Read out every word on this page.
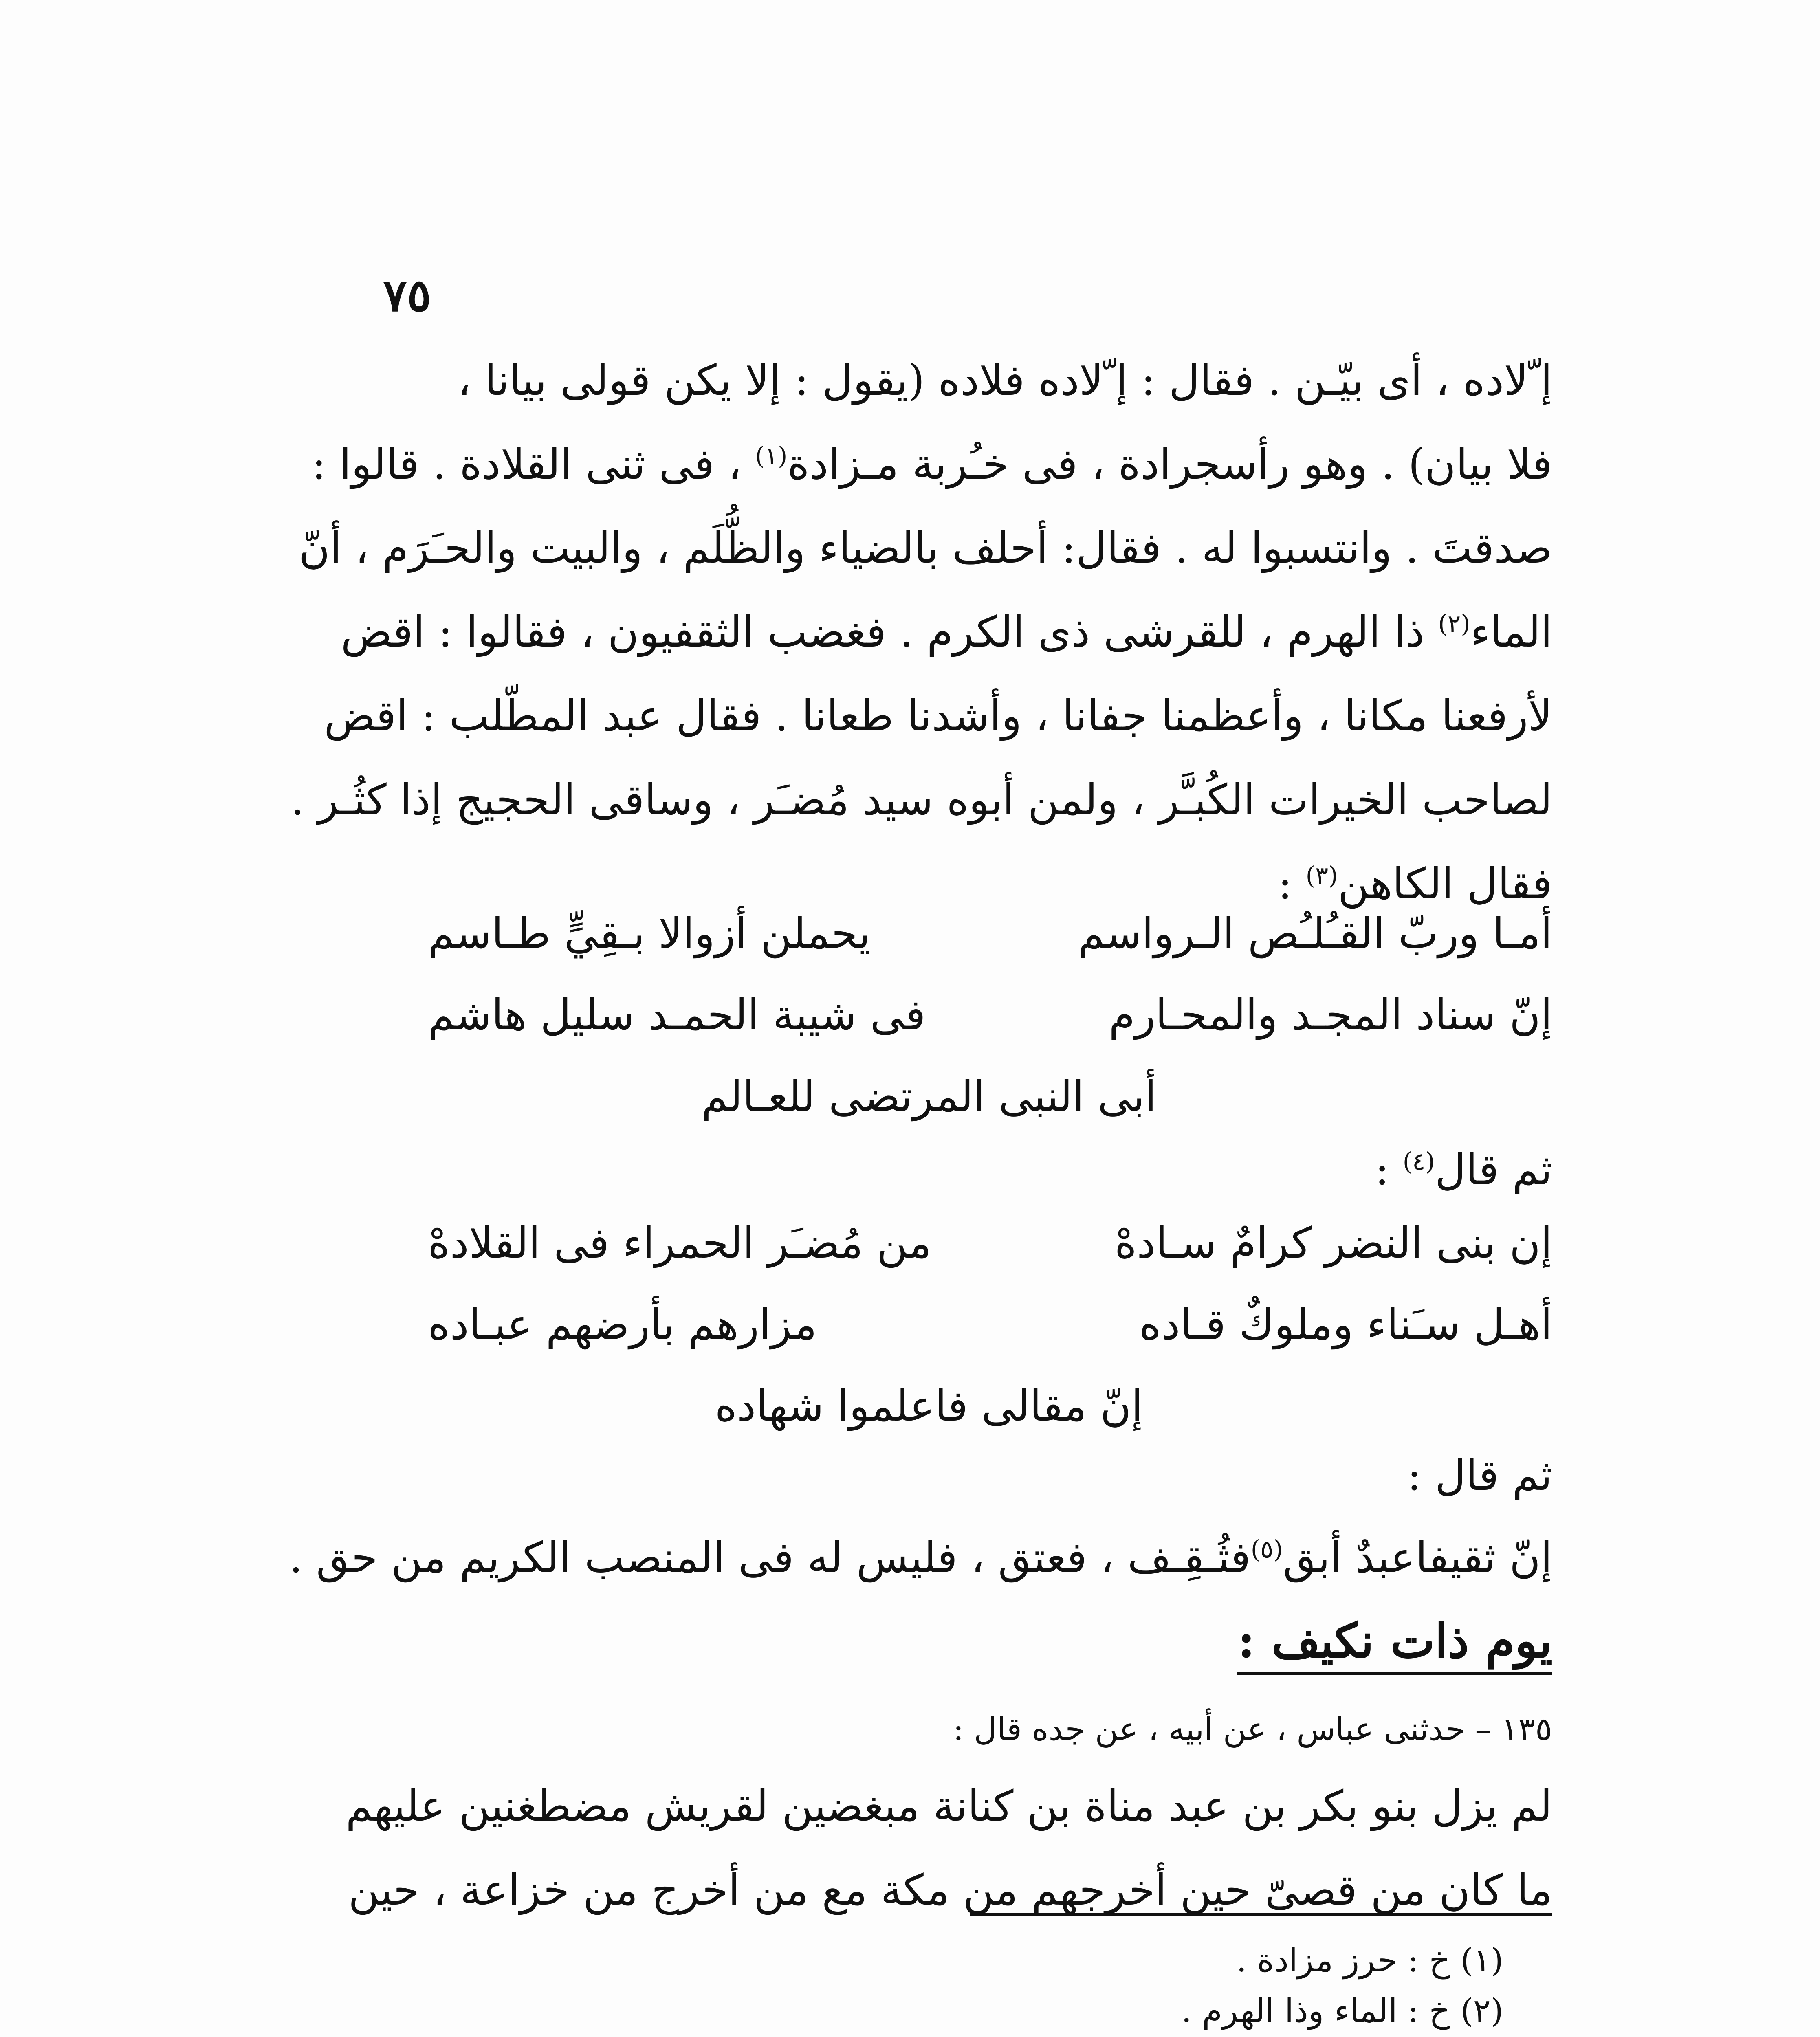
٧٥
إ ّلاده ، أى بيّـن . فقال : إ ّلاده فلاده (يقول : إلا يكن قولى بيانا ،
فلا بيان) . وهو رأسجرادة ، فى خـُربة مـزادة$^{(١)}$ ، فى ثنى القلادة . قالوا :
صدقتَ . وانتسبوا له . فقال: أحلف بالضياء والظُّلَم ، والبيت والحـَرَم ، أنّ
الماء$^{(٢)}$ ذا الهرم ، للقرشى ذى الكرم . فغضب الثقفيون ، فقالوا : اقض
لأرفعنا مكانا ، وأعظمنا جفانا ، وأشدنا طعانا . فقال عبد المطّلب : اقض
لصاحب الخيرات الكُبـَّر ، ولمن أبوه سيد مُضـَر ، وساقى الحجيج إذا كثُـر .
فقال الكاهن$^{(٣)}$ :
أمـا وربّ القـُلـُص الـرواسم
يحملن أزوالا بـقِيٍّ طـاسم
إنّ سناد المجـد والمحـارم
فى شيبة الحمـد سليل هاشم
أبى النبى المرتضى للعـالم
ثم قال$^{(٤)}$ :
إن بنى النضر كرامٌ سـادهْ
من مُضـَر الحمراء فى القلادهْ
أهـل سـَناء وملوكٌ قـاده
مزارهم بأرضهم عبـاده
إنّ مقالى فاعلموا شهاده
ثم قال :
إنّ ثقيفاعبدٌ أبق$^{(٥)}$فثُـقِـف ، فعتق ، فليس له فى المنصب الكريم من حق .
يوم ذات نكيف :
١٣٥ – حدثنى عباس ، عن أبيه ، عن جده قال :
لم يزل بنو بكر بن عبد مناة بن كنانة مبغضين لقريش مضطغنين عليهم
ما كان من قصىّ حين أخرجهم من مكة مع من أخرج من خزاعة ، حين
(١) خ : حرز مزادة .
(٢) خ : الماء وذا الهرم .
